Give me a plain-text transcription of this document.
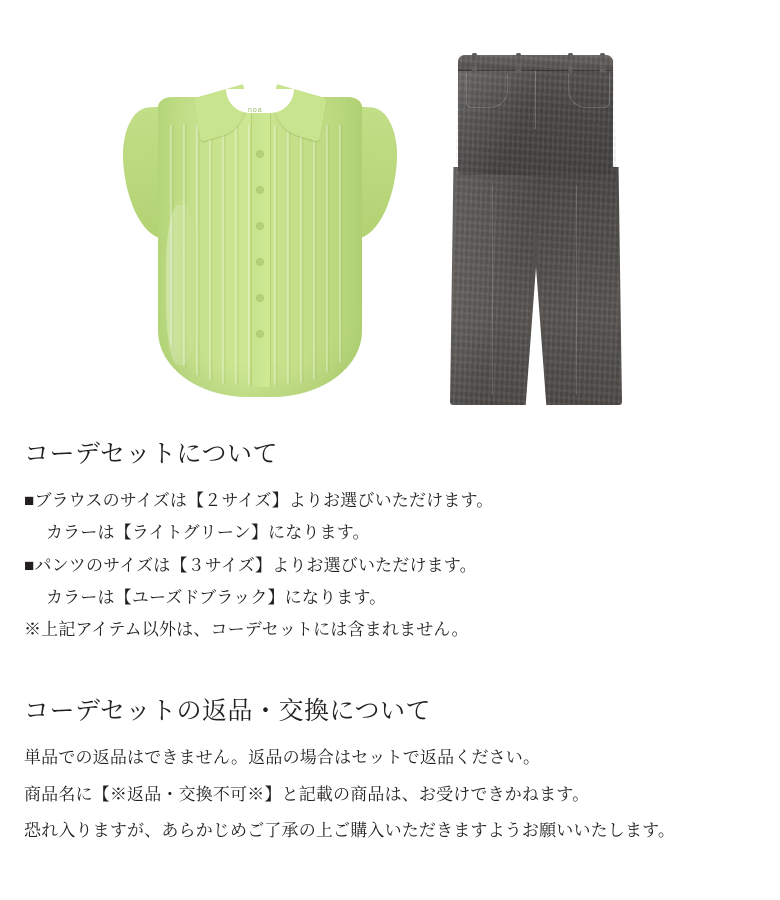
noa
コーデセットについて

■ブラウスのサイズは【２サイズ】よりお選びいただけます。

カラーは【ライトグリーン】になります。

■パンツのサイズは【３サイズ】よりお選びいただけます。

カラーは【ユーズドブラック】になります。

※上記アイテム以外は、コーデセットには含まれません。

コーデセットの返品・交換について

単品での返品はできません。返品の場合はセットで返品ください。

商品名に【※返品・交換不可※】と記載の商品は、お受けできかねます。

恐れ入りますが、あらかじめご了承の上ご購入いただきますようお願いいたします。
